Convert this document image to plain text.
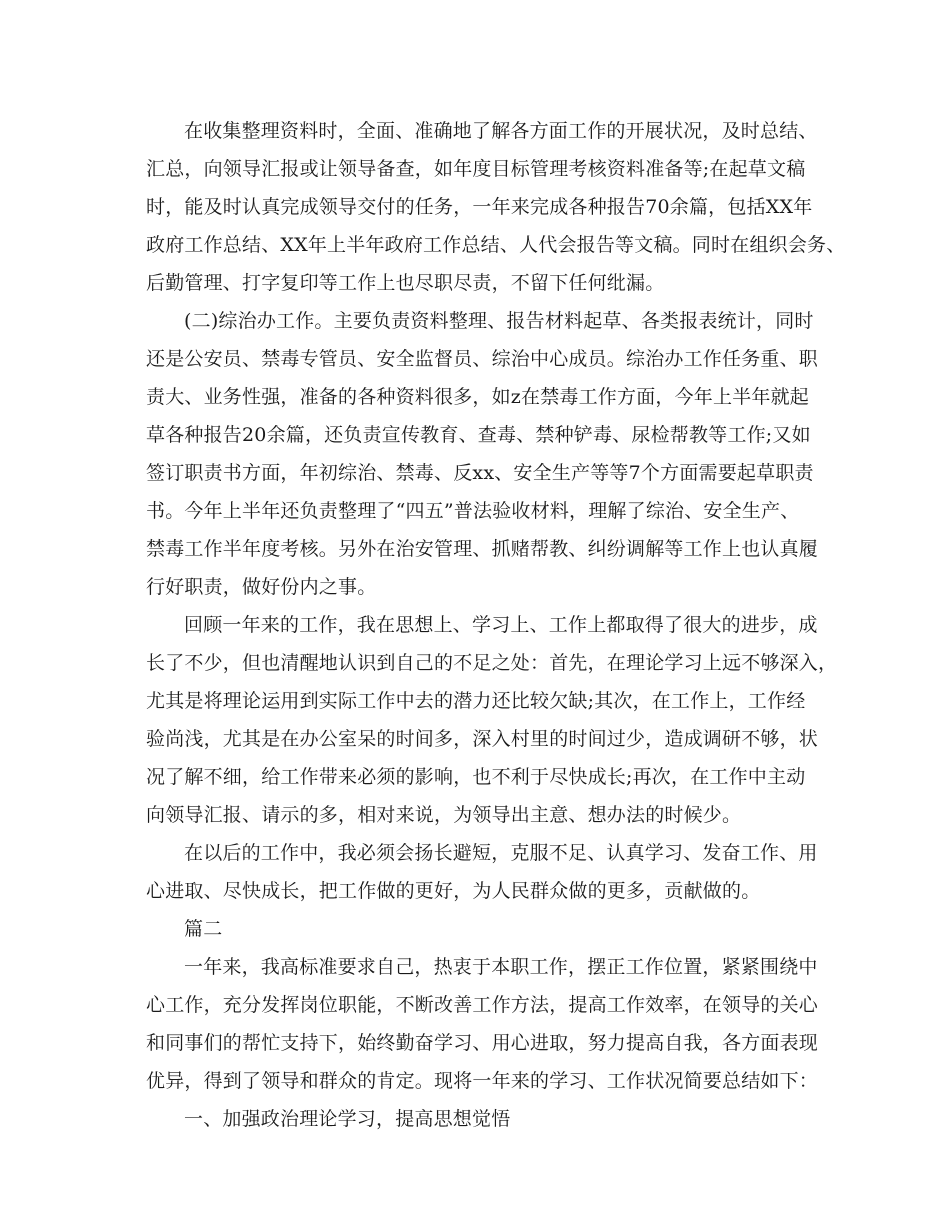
在收集整理资料时，全面、准确地了解各方面工作的开展状况，及时总结、
汇总，向领导汇报或让领导备查，如年度目标管理考核资料准备等;在起草文稿
时，能及时认真完成领导交付的任务，一年来完成各种报告70余篇，包括XX年
政府工作总结、XX年上半年政府工作总结、人代会报告等文稿。同时在组织会务、
后勤管理、打字复印等工作上也尽职尽责，不留下任何纰漏。
(二)综治办工作。主要负责资料整理、报告材料起草、各类报表统计，同时
还是公安员、禁毒专管员、安全监督员、综治中心成员。综治办工作任务重、职
责大、业务性强，准备的各种资料很多，如z在禁毒工作方面，今年上半年就起
草各种报告20余篇，还负责宣传教育、查毒、禁种铲毒、尿检帮教等工作;又如
签订职责书方面，年初综治、禁毒、反xx、安全生产等等7个方面需要起草职责
书。今年上半年还负责整理了“四五”普法验收材料，理解了综治、安全生产、
禁毒工作半年度考核。另外在治安管理、抓赌帮教、纠纷调解等工作上也认真履
行好职责，做好份内之事。
回顾一年来的工作，我在思想上、学习上、工作上都取得了很大的进步，成
长了不少，但也清醒地认识到自己的不足之处：首先，在理论学习上远不够深入，
尤其是将理论运用到实际工作中去的潜力还比较欠缺;其次，在工作上，工作经
验尚浅，尤其是在办公室呆的时间多，深入村里的时间过少，造成调研不够，状
况了解不细，给工作带来必须的影响，也不利于尽快成长;再次，在工作中主动
向领导汇报、请示的多，相对来说，为领导出主意、想办法的时候少。
在以后的工作中，我必须会扬长避短，克服不足、认真学习、发奋工作、用
心进取、尽快成长，把工作做的更好，为人民群众做的更多，贡献做的。
篇二
一年来，我高标准要求自己，热衷于本职工作，摆正工作位置，紧紧围绕中
心工作，充分发挥岗位职能，不断改善工作方法，提高工作效率，在领导的关心
和同事们的帮忙支持下，始终勤奋学习、用心进取，努力提高自我，各方面表现
优异，得到了领导和群众的肯定。现将一年来的学习、工作状况简要总结如下：
一、加强政治理论学习，提高思想觉悟
